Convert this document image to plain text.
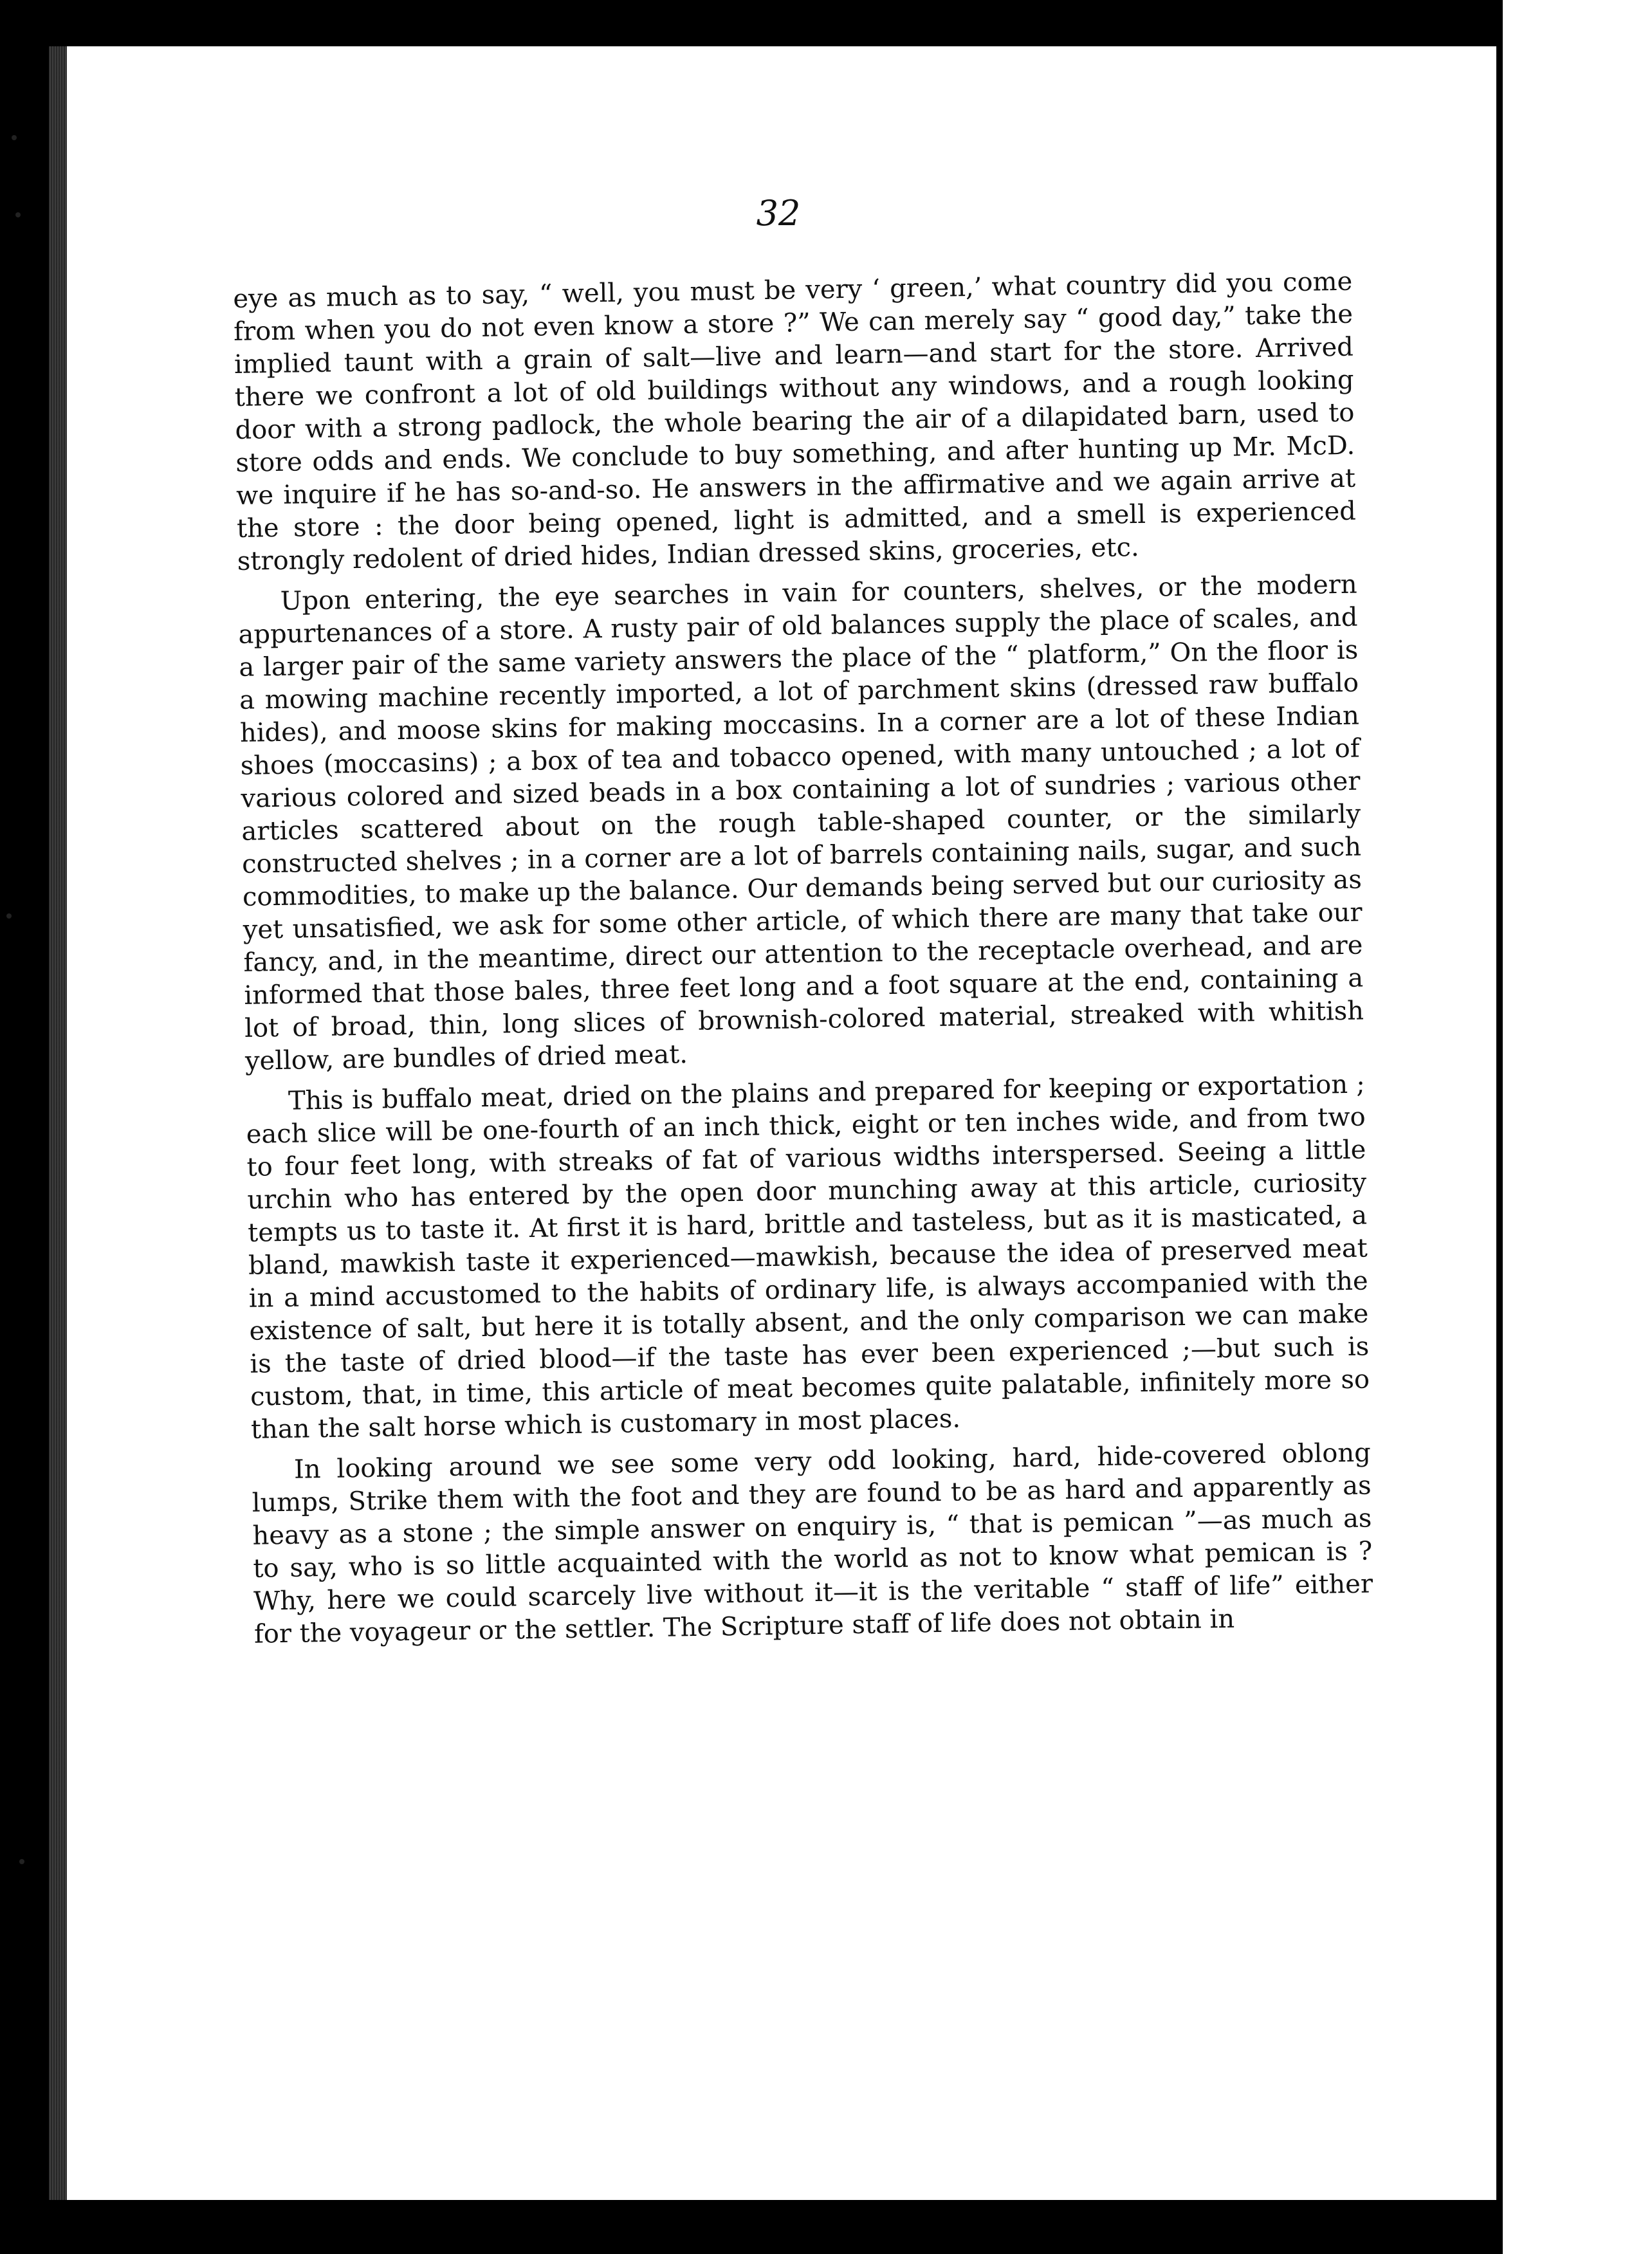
32

eye as much as to say, “ well, you must be very ‘ green,’ what country did you come from when you do not even know a store ?” We can merely say “ good day,” take the implied taunt with a grain of salt—live and learn—and start for the store. Arrived there we confront a lot of old buildings without any windows, and a rough looking door with a strong padlock, the whole bearing the air of a dilapidated barn, used to store odds and ends. We conclude to buy something, and after hunting up Mr. McD. we inquire if he has so-and-so. He answers in the affirmative and we again arrive at the store : the door being opened, light is admitted, and a smell is experienced strongly redolent of dried hides, Indian dressed skins, groceries, etc.

Upon entering, the eye searches in vain for counters, shelves, or the modern appurtenances of a store. A rusty pair of old balances supply the place of scales, and a larger pair of the same variety answers the place of the “ platform,” On the floor is a mowing machine recently imported, a lot of parchment skins (dressed raw buffalo hides), and moose skins for making moccasins. In a corner are a lot of these Indian shoes (moccasins) ; a box of tea and tobacco opened, with many untouched ; a lot of various colored and sized beads in a box containing a lot of sundries ; various other articles scattered about on the rough table-shaped counter, or the similarly constructed shelves ; in a corner are a lot of barrels containing nails, sugar, and such commodities, to make up the balance. Our demands being served but our curiosity as yet unsatisfied, we ask for some other article, of which there are many that take our fancy, and, in the meantime, direct our attention to the receptacle overhead, and are informed that those bales, three feet long and a foot square at the end, containing a lot of broad, thin, long slices of brownish-colored material, streaked with whitish yellow, are bundles of dried meat.

This is buffalo meat, dried on the plains and prepared for keeping or exportation ; each slice will be one-fourth of an inch thick, eight or ten inches wide, and from two to four feet long, with streaks of fat of various widths interspersed. Seeing a little urchin who has entered by the open door munching away at this article, curiosity tempts us to taste it. At first it is hard, brittle and tasteless, but as it is masticated, a bland, mawkish taste it experienced—mawkish, because the idea of preserved meat in a mind accustomed to the habits of ordinary life, is always accompanied with the existence of salt, but here it is totally absent, and the only comparison we can make is the taste of dried blood—if the taste has ever been experienced ;—but such is custom, that, in time, this article of meat becomes quite palatable, infinitely more so than the salt horse which is customary in most places.

In looking around we see some very odd looking, hard, hide-covered oblong lumps, Strike them with the foot and they are found to be as hard and apparently as heavy as a stone ; the simple answer on enquiry is, “ that is pemican ”—as much as to say, who is so little acquainted with the world as not to know what pemican is ? Why, here we could scarcely live without it—it is the veritable “ staff of life” either for the voyageur or the settler. The Scripture staff of life does not obtain in
